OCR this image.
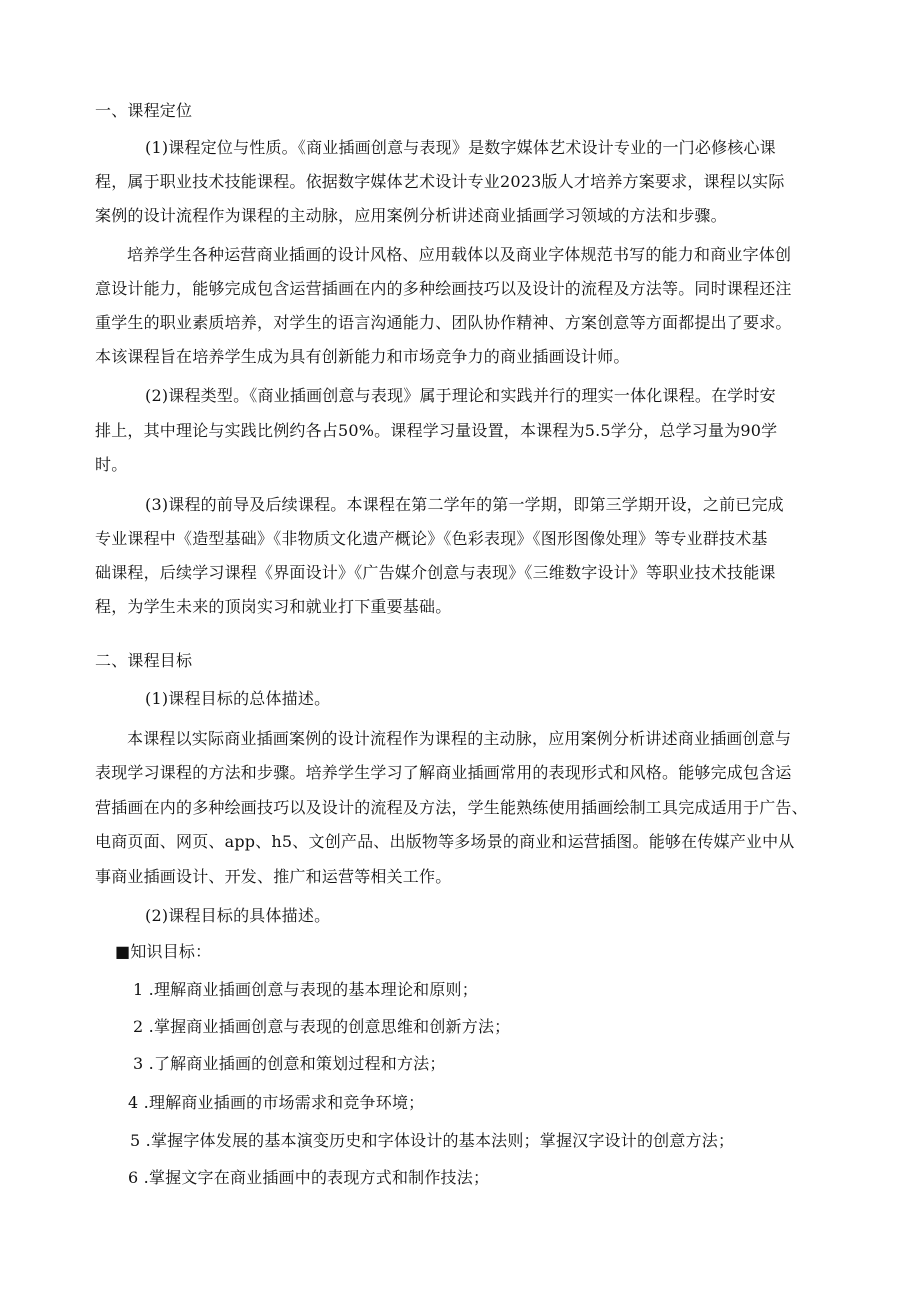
一、课程定位
(1)课程定位与性质。《商业插画创意与表现》是数字媒体艺术设计专业的一门必修核心课
程，属于职业技术技能课程。依据数字媒体艺术设计专业2023版人才培养方案要求，课程以实际
案例的设计流程作为课程的主动脉，应用案例分析讲述商业插画学习领域的方法和步骤。
培养学生各种运营商业插画的设计风格、应用载体以及商业字体规范书写的能力和商业字体创
意设计能力，能够完成包含运营插画在内的多种绘画技巧以及设计的流程及方法等。同时课程还注
重学生的职业素质培养，对学生的语言沟通能力、团队协作精神、方案创意等方面都提出了要求。
本该课程旨在培养学生成为具有创新能力和市场竞争力的商业插画设计师。
(2)课程类型。《商业插画创意与表现》属于理论和实践并行的理实一体化课程。在学时安
排上，其中理论与实践比例约各占50%。课程学习量设置，本课程为5.5学分，总学习量为90学
时。
(3)课程的前导及后续课程。本课程在第二学年的第一学期，即第三学期开设，之前已完成
专业课程中《造型基础》《非物质文化遗产概论》《色彩表现》《图形图像处理》等专业群技术基
础课程，后续学习课程《界面设计》《广告媒介创意与表现》《三维数字设计》等职业技术技能课
程，为学生未来的顶岗实习和就业打下重要基础。
二、课程目标
(1)课程目标的总体描述。
本课程以实际商业插画案例的设计流程作为课程的主动脉，应用案例分析讲述商业插画创意与
表现学习课程的方法和步骤。培养学生学习了解商业插画常用的表现形式和风格。能够完成包含运
营插画在内的多种绘画技巧以及设计的流程及方法，学生能熟练使用插画绘制工具完成适用于广告、
电商页面、网页、app、h5、文创产品、出版物等多场景的商业和运营插图。能够在传媒产业中从
事商业插画设计、开发、推广和运营等相关工作。
(2)课程目标的具体描述。
■知识目标：
1 .理解商业插画创意与表现的基本理论和原则；
2 .掌握商业插画创意与表现的创意思维和创新方法；
3 .了解商业插画的创意和策划过程和方法；
4 .理解商业插画的市场需求和竞争环境；
5 .掌握字体发展的基本演变历史和字体设计的基本法则；掌握汉字设计的创意方法；
6 .掌握文字在商业插画中的表现方式和制作技法；
